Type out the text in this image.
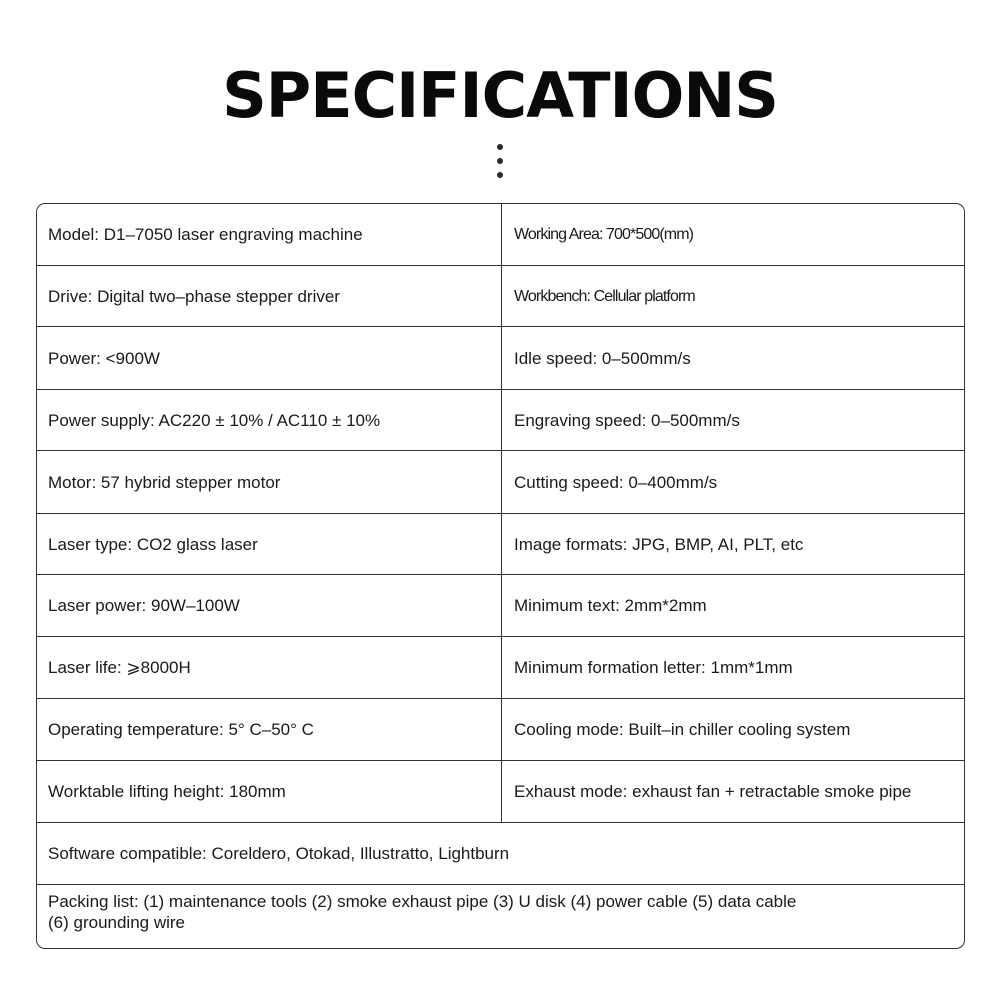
SPECIFICATIONS
Model: D1–7050 laser engraving machine	Working Area: 700*500(mm)
Drive: Digital two–phase stepper driver	Workbench: Cellular platform
Power: <900W	Idle speed: 0–500mm/s
Power supply: AC220 ± 10% / AC110 ± 10%	Engraving speed: 0–500mm/s
Motor: 57 hybrid stepper motor	Cutting speed: 0–400mm/s
Laser type: CO2 glass laser	Image formats: JPG, BMP, AI, PLT, etc
Laser power: 90W–100W	Minimum text: 2mm*2mm
Laser life: ⩾8000H	Minimum formation letter: 1mm*1mm
Operating temperature: 5° C–50° C	Cooling mode: Built–in chiller cooling system
Worktable lifting height: 180mm	Exhaust mode: exhaust fan + retractable smoke pipe
Software compatible: Coreldero, Otokad, Illustratto, Lightburn
Packing list: (1) maintenance tools (2) smoke exhaust pipe (3) U disk (4) power cable (5) data cable
(6) grounding wire
